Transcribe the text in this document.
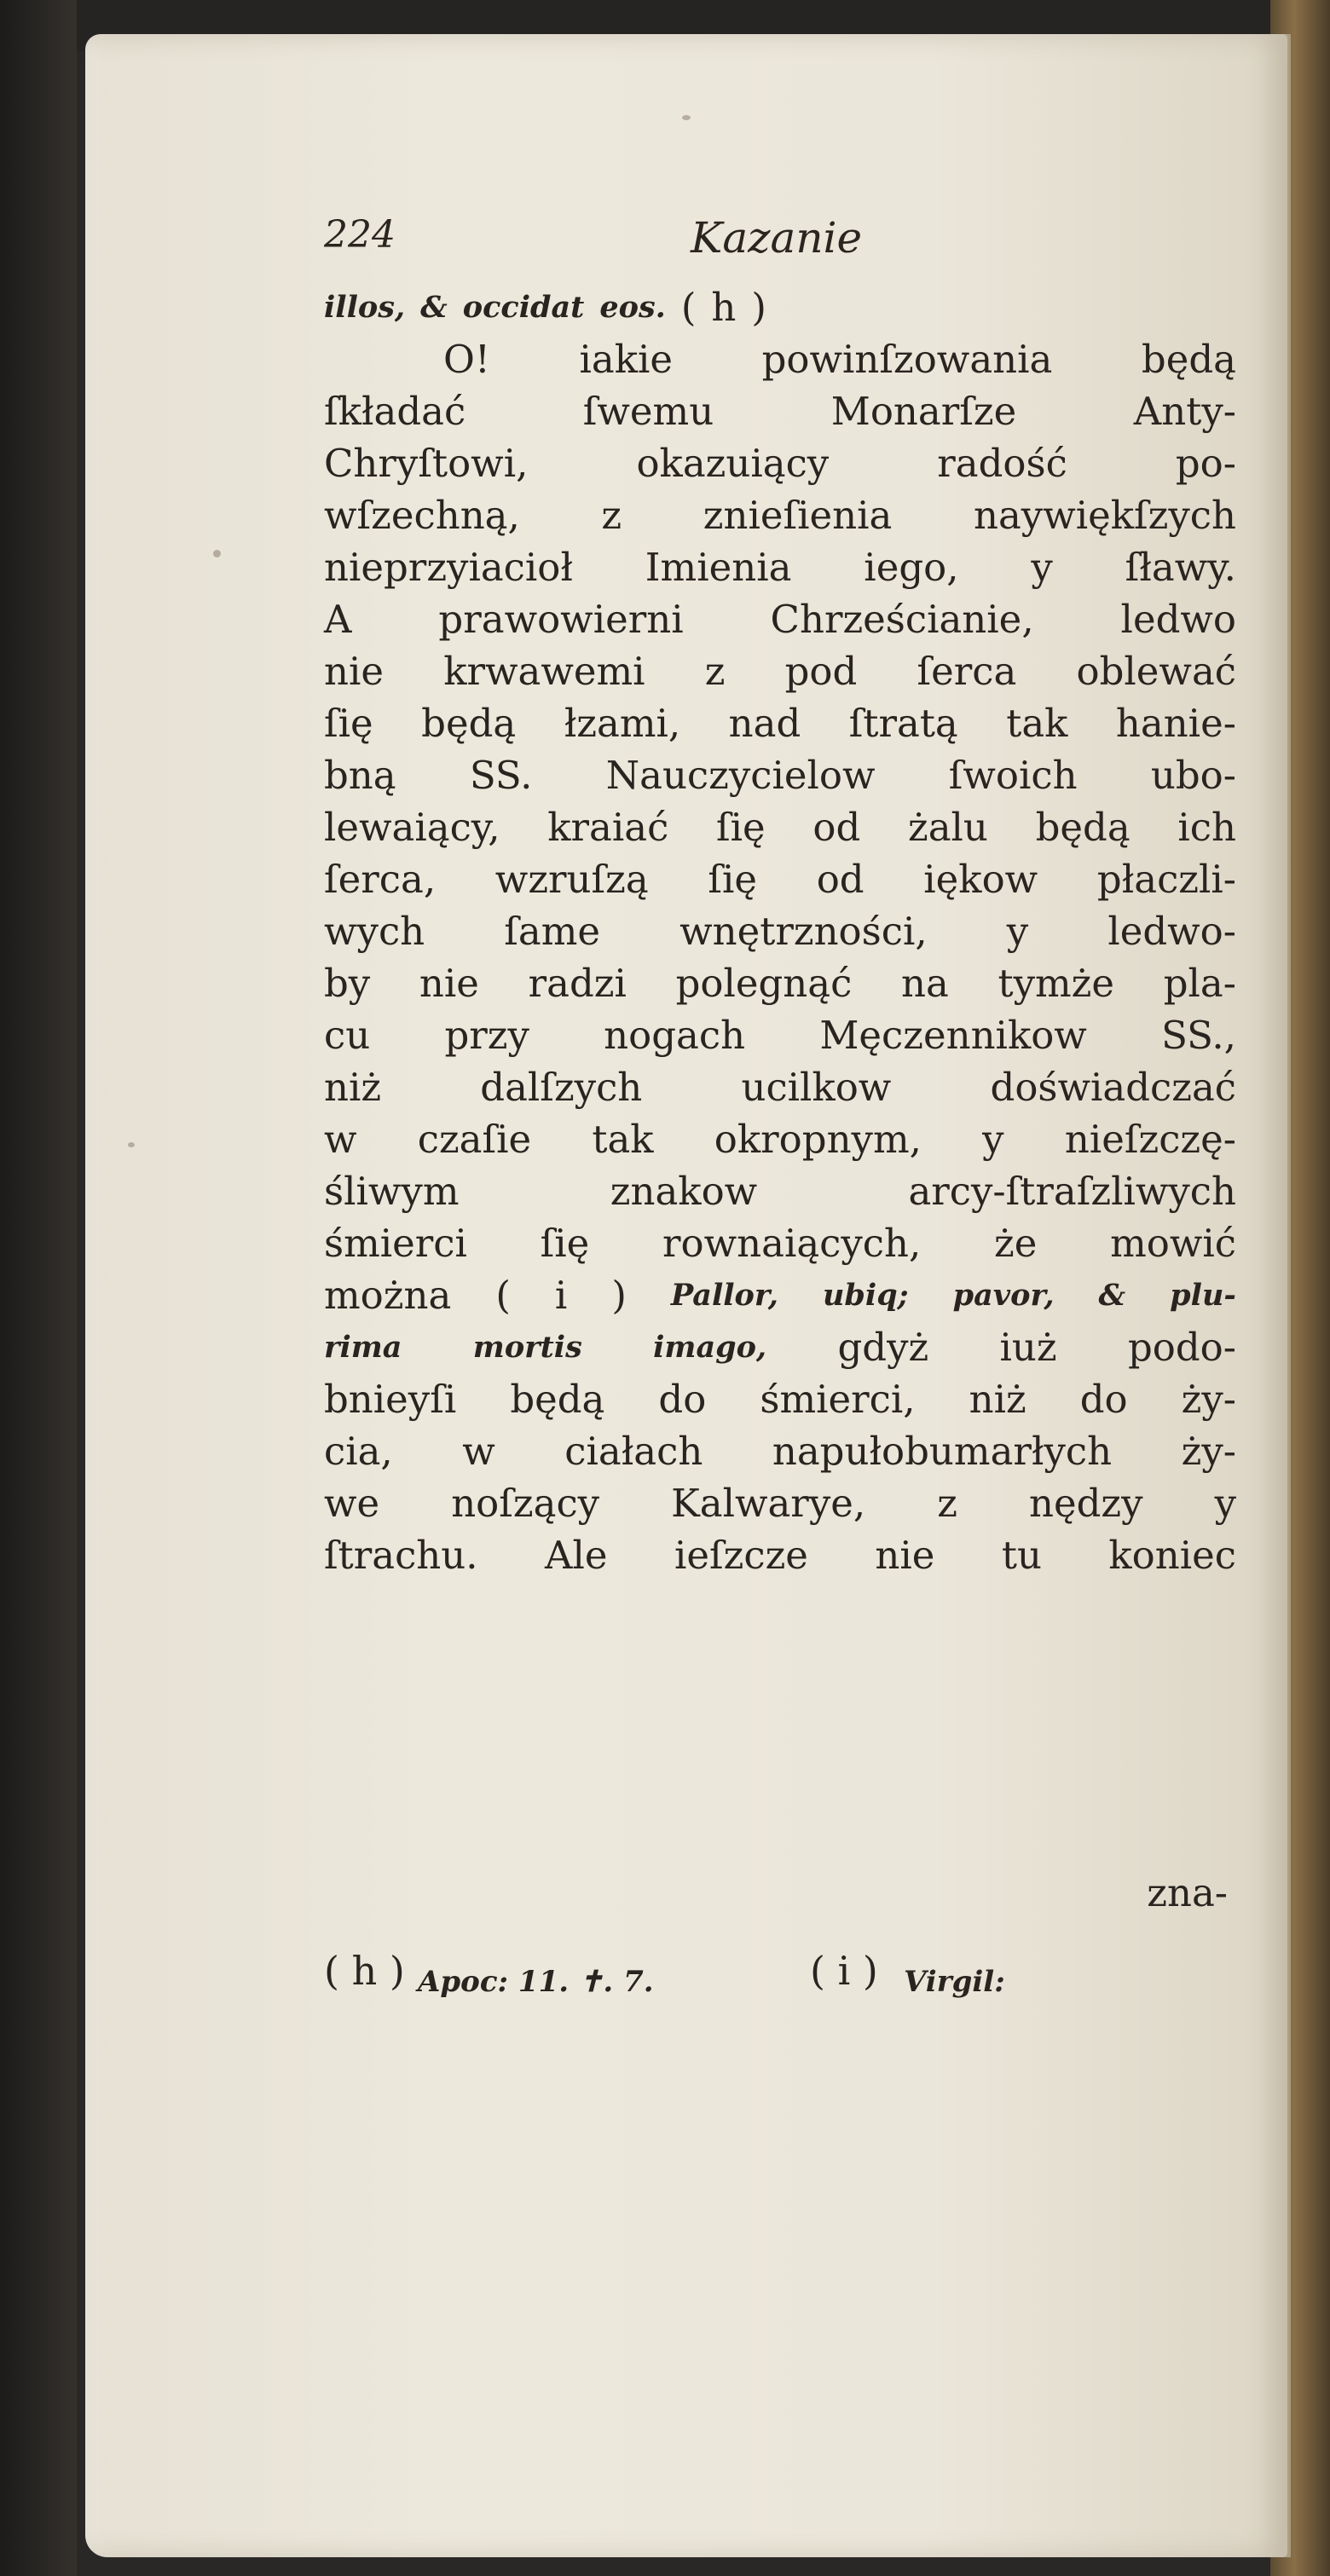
224	Kazanie
illos, & occidat eos. ( h )
O! iakie powinſzowania będą
ſkładać	ſwemu	Monarſze	Anty-
Chryſtowi,	okazuiący	radość	po-
wſzechną, z znieſienia naywiękſzych
nieprzyiacioł Imienia iego, y ſławy.
A prawowierni Chrześcianie, ledwo
nie krwawemi z pod ſerca oblewać
ſię będą łzami, nad ſtratą tak hanie-
bną SS. Nauczycielow ſwoich ubo-
lewaiący, kraiać ſię od żalu będą ich
ſerca, wzruſzą ſię od iękow płaczli-
wych ſame wnętrzności, y ledwo-
by nie radzi polegnąć na tymże pla-
cu przy nogach Męczennikow SS.,
niż	dalſzych	ucilkow	doświadczać
w czaſie tak okropnym, y nieſzczę-
śliwym	znakow	arcy-ſtraſzliwych
śmierci ſię rownaiących, że mowić
można ( i ) Pallor, ubiq; pavor, & plu-
rima mortis imago, gdyż iuż podo-
bnieyſi będą do śmierci, niż do ży-
cia, w ciałach napułobumarłych ży-
we noſzący Kalwarye, z nędzy y
ſtrachu. Ale ieſzcze nie tu koniec
zna-
( h ) Apoc: 11. ✝. 7.	( i ) Virgil:
